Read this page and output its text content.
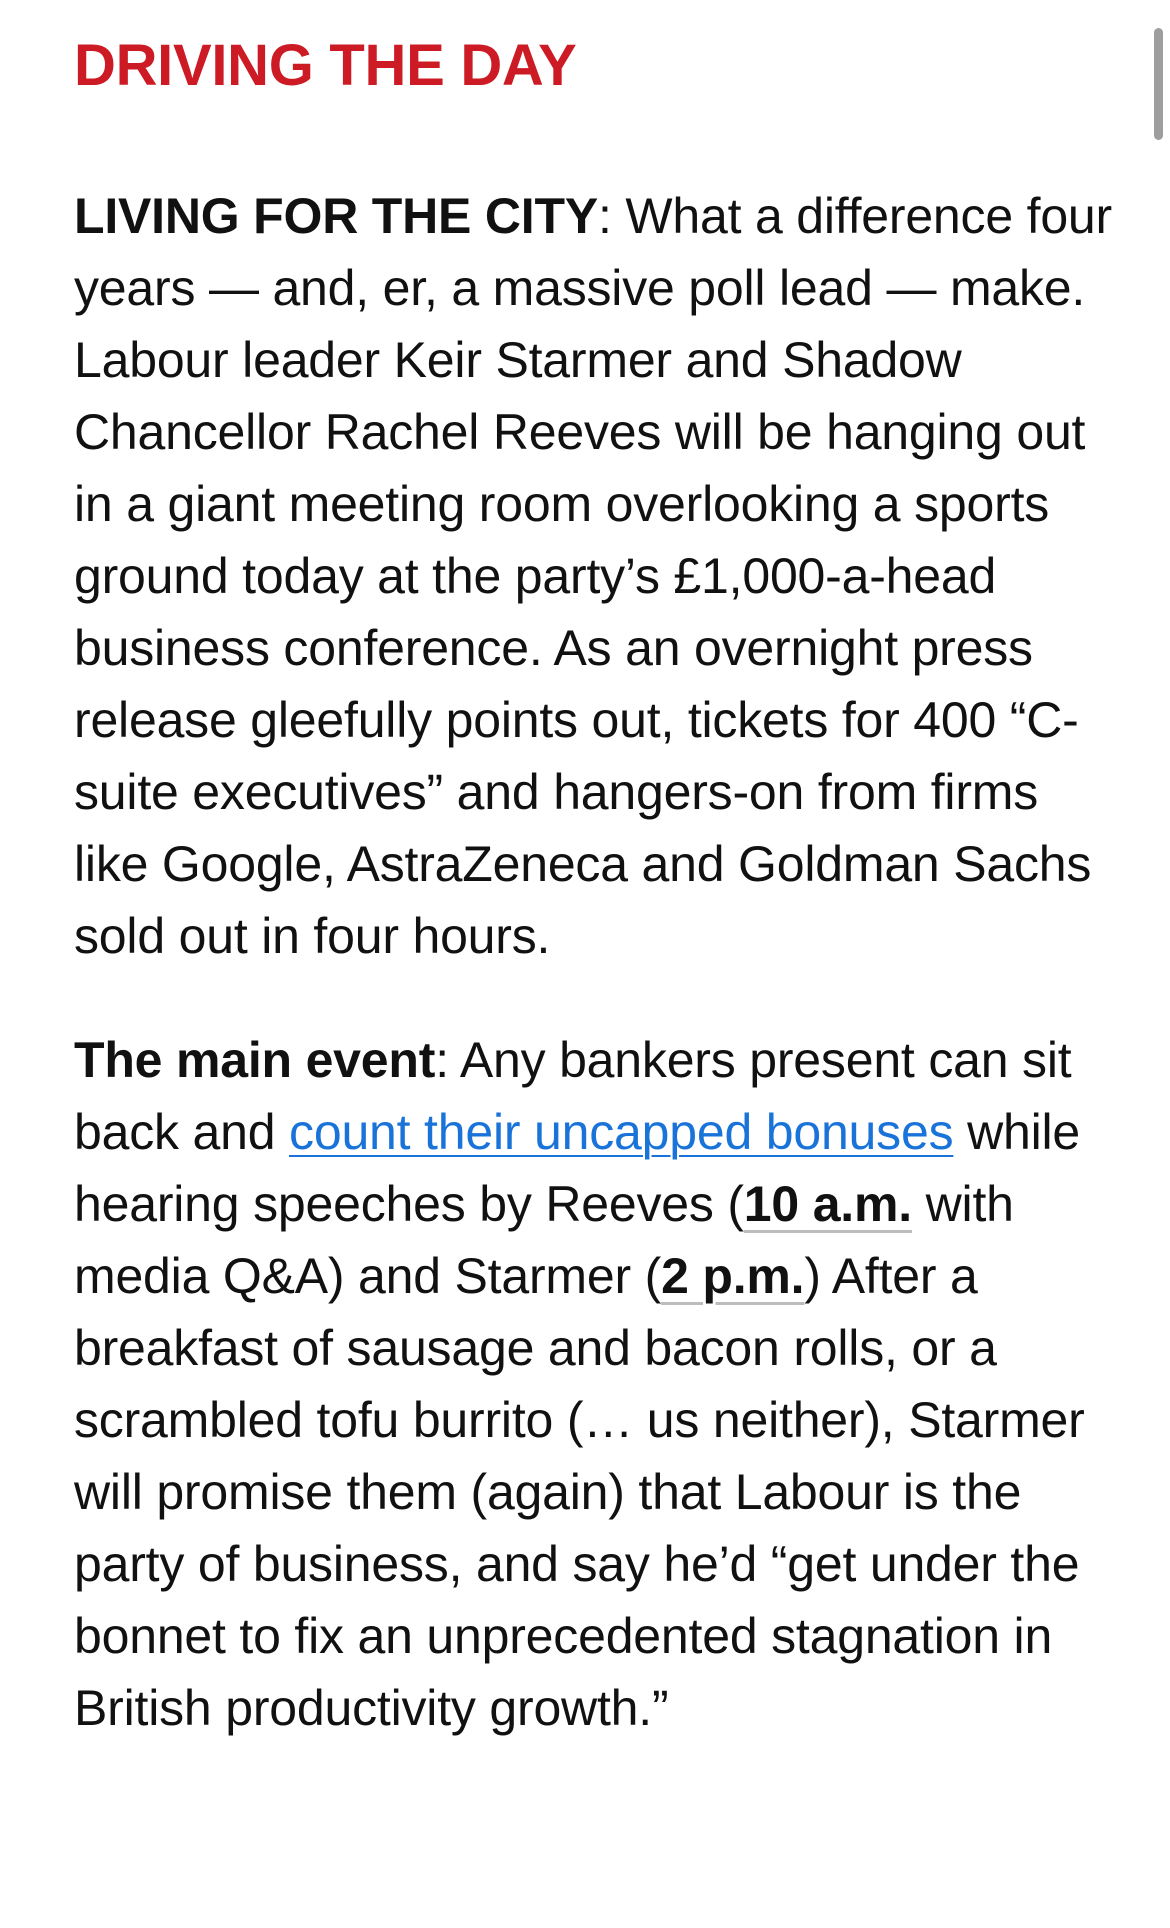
DRIVING THE DAY

LIVING FOR THE CITY: What a difference four years — and, er, a massive poll lead — make. Labour leader Keir Starmer and Shadow Chancellor Rachel Reeves will be hanging out in a giant meeting room overlooking a sports ground today at the party’s £1,000-a-head business conference. As an overnight press release gleefully points out, tickets for 400 “C-suite executives” and hangers-on from firms like Google, AstraZeneca and Goldman Sachs sold out in four hours.

The main event: Any bankers present can sit back and count their uncapped bonuses while hearing speeches by Reeves (10 a.m. with media Q&A) and Starmer (2 p.m.) After a breakfast of sausage and bacon rolls, or a scrambled tofu burrito (… us neither), Starmer will promise them (again) that Labour is the party of business, and say he’d “get under the bonnet to fix an unprecedented stagnation in British productivity growth.”
